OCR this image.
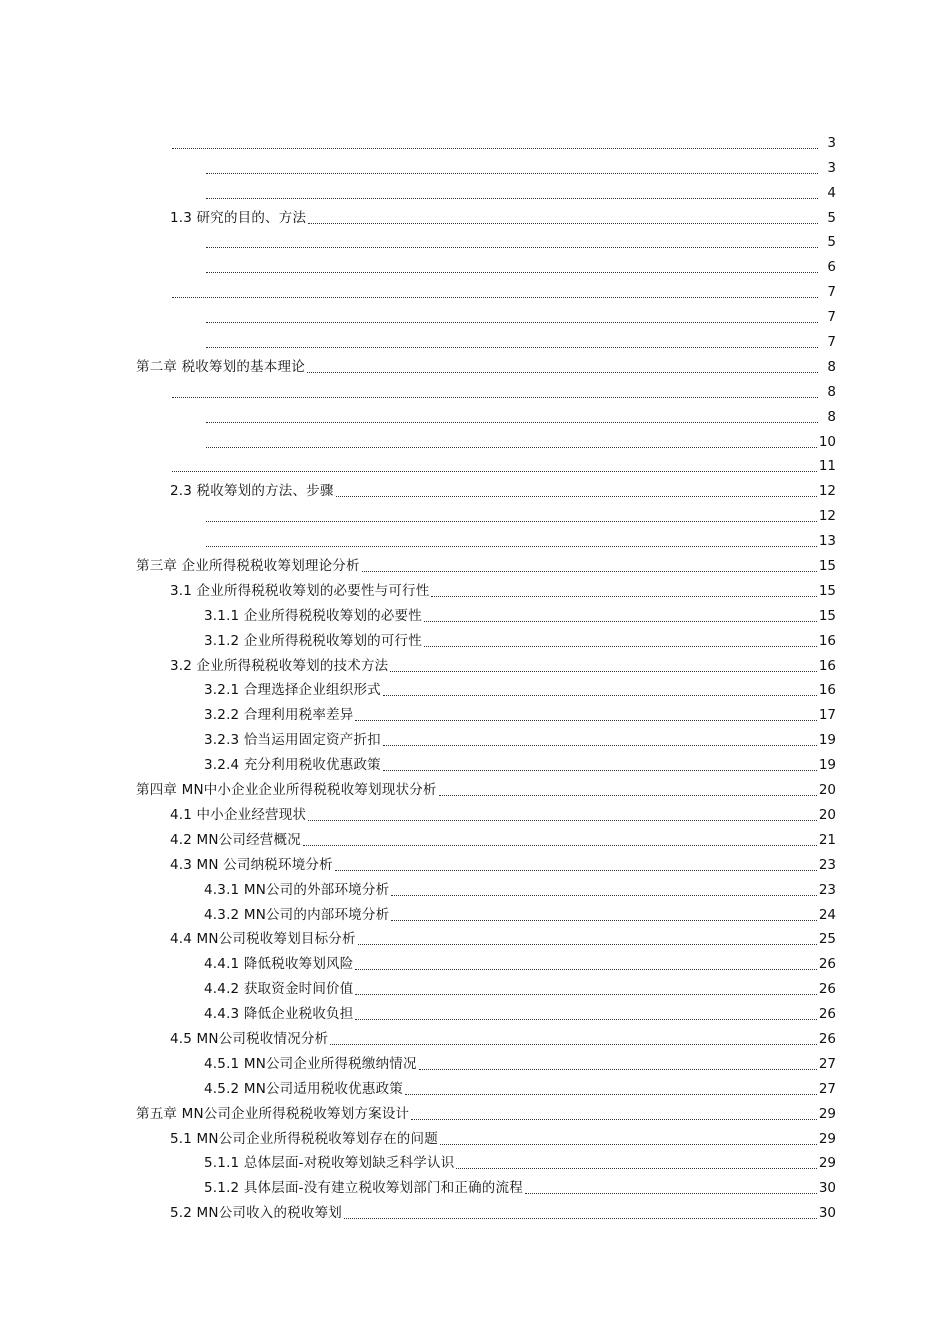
3
3
4
1.3 研究的目的、方法	5
5
6
7
7
7
第二章 税收筹划的基本理论	8
8
8
10
11
2.3 税收筹划的方法、步骤	12
12
13
第三章 企业所得税税收筹划理论分析	15
3.1 企业所得税税收筹划的必要性与可行性	15
3.1.1 企业所得税税收筹划的必要性	15
3.1.2 企业所得税税收筹划的可行性	16
3.2 企业所得税税收筹划的技术方法	16
3.2.1 合理选择企业组织形式	16
3.2.2 合理利用税率差异	17
3.2.3 恰当运用固定资产折扣	19
3.2.4 充分利用税收优惠政策	19
第四章 MN中小企业企业所得税税收筹划现状分析	20
4.1 中小企业经营现状	20
4.2 MN公司经营概况	21
4.3 MN 公司纳税环境分析	23
4.3.1 MN公司的外部环境分析	23
4.3.2 MN公司的内部环境分析	24
4.4 MN公司税收筹划目标分析	25
4.4.1 降低税收筹划风险	26
4.4.2 获取资金时间价值	26
4.4.3 降低企业税收负担	26
4.5 MN公司税收情况分析	26
4.5.1 MN公司企业所得税缴纳情况	27
4.5.2 MN公司适用税收优惠政策	27
第五章 MN公司企业所得税税收筹划方案设计	29
5.1 MN公司企业所得税税收筹划存在的问题	29
5.1.1 总体层面-对税收筹划缺乏科学认识	29
5.1.2 具体层面-没有建立税收筹划部门和正确的流程	30
5.2 MN公司收入的税收筹划	30
